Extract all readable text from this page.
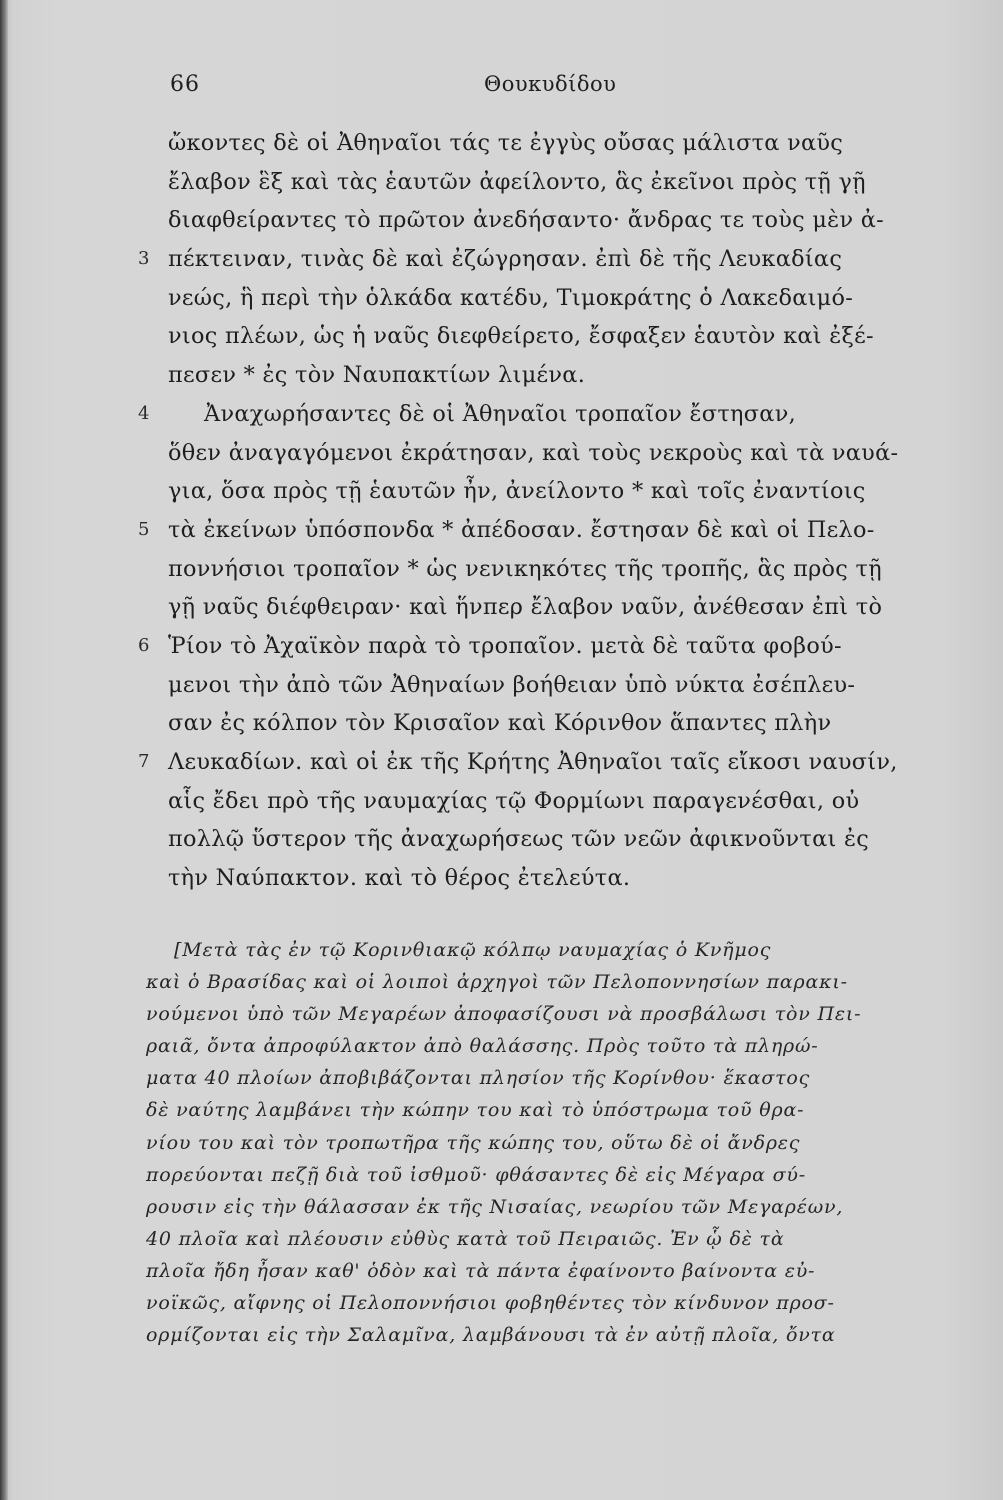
66	Θουκυδίδου
ὤκοντες δὲ οἱ Ἀθηναῖοι τάς τε ἐγγὺς οὔσας μάλιστα ναῦς
ἔλαβον ἓξ καὶ τὰς ἑαυτῶν ἀφείλοντο, ἃς ἐκεῖνοι πρὸς τῇ γῇ
διαφθείραντες τὸ πρῶτον ἀνεδήσαντο· ἄνδρας τε τοὺς μὲν ἀ-
3 πέκτειναν, τινὰς δὲ καὶ ἐζώγρησαν. ἐπὶ δὲ τῆς Λευκαδίας
νεώς, ἣ περὶ τὴν ὁλκάδα κατέδυ, Τιμοκράτης ὁ Λακεδαιμό-
νιος πλέων, ὡς ἡ ναῦς διεφθείρετο, ἔσφαξεν ἑαυτὸν καὶ ἐξέ-
πεσεν * ἐς τὸν Ναυπακτίων λιμένα.
4 Ἀναχωρήσαντες δὲ οἱ Ἀθηναῖοι τροπαῖον ἔστησαν,
ὅθεν ἀναγαγόμενοι ἐκράτησαν, καὶ τοὺς νεκροὺς καὶ τὰ ναυά-
για, ὅσα πρὸς τῇ ἑαυτῶν ἦν, ἀνείλοντο * καὶ τοῖς ἐναντίοις
5 τὰ ἐκείνων ὑπόσπονδα * ἀπέδοσαν. ἔστησαν δὲ καὶ οἱ Πελο-
ποννήσιοι τροπαῖον * ὡς νενικηκότες τῆς τροπῆς, ἃς πρὸς τῇ
γῇ ναῦς διέφθειραν· καὶ ἥνπερ ἔλαβον ναῦν, ἀνέθεσαν ἐπὶ τὸ
6 Ῥίον τὸ Ἀχαϊκὸν παρὰ τὸ τροπαῖον. μετὰ δὲ ταῦτα φοβού-
μενοι τὴν ἀπὸ τῶν Ἀθηναίων βοήθειαν ὑπὸ νύκτα ἐσέπλευ-
σαν ἐς κόλπον τὸν Κρισαῖον καὶ Κόρινθον ἅπαντες πλὴν
7 Λευκαδίων. καὶ οἱ ἐκ τῆς Κρήτης Ἀθηναῖοι ταῖς εἴκοσι ναυσίν,
αἷς ἔδει πρὸ τῆς ναυμαχίας τῷ Φορμίωνι παραγενέσθαι, οὐ
πολλῷ ὕστερον τῆς ἀναχωρήσεως τῶν νεῶν ἀφικνοῦνται ἐς
τὴν Ναύπακτον. καὶ τὸ θέρος ἐτελεύτα.
[Μετὰ τὰς ἐν τῷ Κορινθιακῷ κόλπῳ ναυμαχίας ὁ Κνῆμος
καὶ ὁ Βρασίδας καὶ οἱ λοιποὶ ἀρχηγοὶ τῶν Πελοποννησίων παρακι-
νούμενοι ὑπὸ τῶν Μεγαρέων ἀποφασίζουσι νὰ προσβάλωσι τὸν Πει-
ραιᾶ, ὄντα ἀπροφύλακτον ἀπὸ θαλάσσης. Πρὸς τοῦτο τὰ πληρώ-
ματα 40 πλοίων ἀποβιβάζονται πλησίον τῆς Κορίνθου· ἕκαστος
δὲ ναύτης λαμβάνει τὴν κώπην του καὶ τὸ ὑπόστρωμα τοῦ θρα-
νίου του καὶ τὸν τροπωτῆρα τῆς κώπης του, οὕτω δὲ οἱ ἄνδρες
πορεύονται πεζῇ διὰ τοῦ ἰσθμοῦ· φθάσαντες δὲ εἰς Μέγαρα σύ-
ρουσιν εἰς τὴν θάλασσαν ἐκ τῆς Νισαίας, νεωρίου τῶν Μεγαρέων,
40 πλοῖα καὶ πλέουσιν εὐθὺς κατὰ τοῦ Πειραιῶς. Ἐν ᾧ δὲ τὰ
πλοῖα ἤδη ἦσαν καθ' ὁδὸν καὶ τὰ πάντα ἐφαίνοντο βαίνοντα εὐ-
νοϊκῶς, αἴφνης οἱ Πελοποννήσιοι φοβηθέντες τὸν κίνδυνον προσ-
ορμίζονται εἰς τὴν Σαλαμῖνα, λαμβάνουσι τὰ ἐν αὐτῇ πλοῖα, ὄντα
